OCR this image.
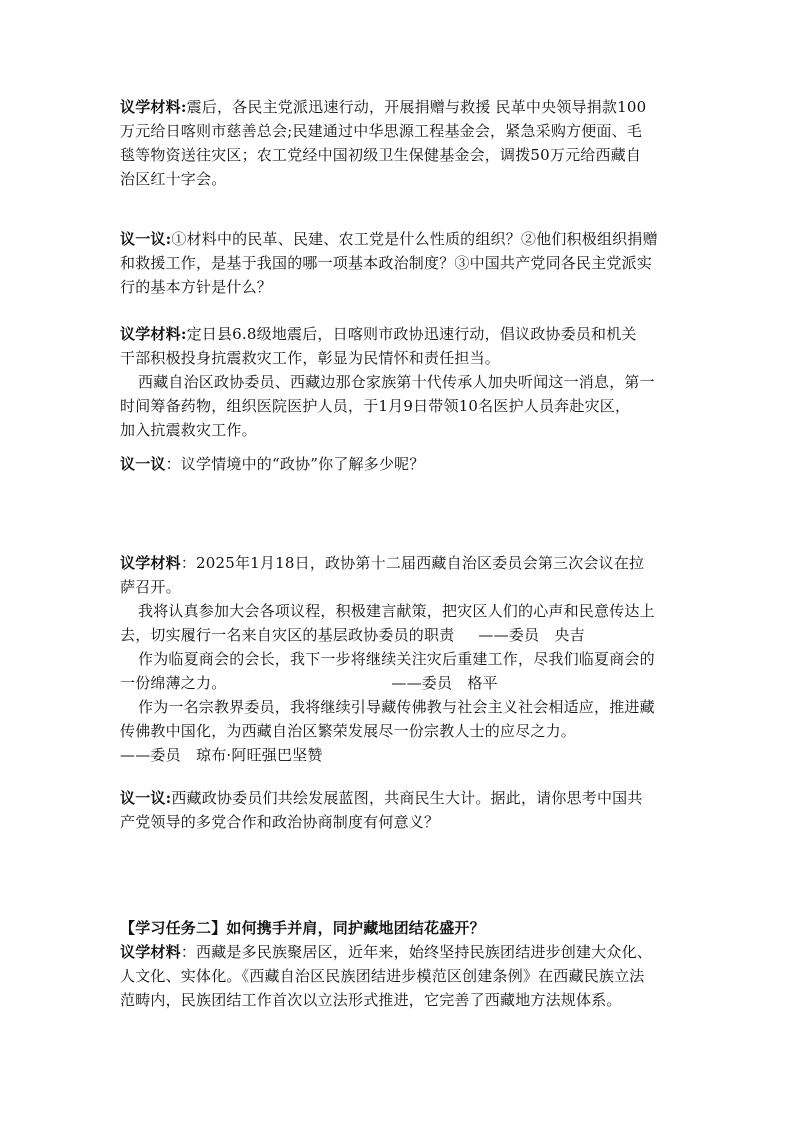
议学材料:震后，各民主党派迅速行动，开展捐赠与救援 民革中央领导捐款100
万元给日喀则市慈善总会;民建通过中华思源工程基金会，紧急采购方便面、毛
毯等物资送往灾区；农工党经中国初级卫生保健基金会，调拨50万元给西藏自
治区红十字会。
议一议:①材料中的民革、民建、农工党是什么性质的组织？②他们积极组织捐赠
和救援工作，是基于我国的哪一项基本政治制度？③中国共产党同各民主党派实
行的基本方针是什么？
议学材料:定日县6.8级地震后，日喀则市政协迅速行动，倡议政协委员和机关
干部积极投身抗震救灾工作，彰显为民情怀和责任担当。
西藏自治区政协委员、西藏边那仓家族第十代传承人加央听闻这一消息，第一
时间筹备药物，组织医院医护人员，于1月9日带领10名医护人员奔赴灾区，
加入抗震救灾工作。
议一议：议学情境中的“政协”你了解多少呢？
议学材料：2025年1月18日，政协第十二届西藏自治区委员会第三次会议在拉
萨召开。
我将认真参加大会各项议程，积极建言献策，把灾区人们的心声和民意传达上
去，切实履行一名来自灾区的基层政协委员的职责 ——委员　央吉
作为临夏商会的会长，我下一步将继续关注灾后重建工作，尽我们临夏商会的
一份绵薄之力。	——委员　格平
作为一名宗教界委员，我将继续引导藏传佛教与社会主义社会相适应，推进藏
传佛教中国化，为西藏自治区繁荣发展尽一份宗教人士的应尽之力。
——委员　琼布·阿旺强巴坚赞
议一议:西藏政协委员们共绘发展蓝图，共商民生大计。据此，请你思考中国共
产党领导的多党合作和政治协商制度有何意义？
【学习任务二】如何携手并肩，同护藏地团结花盛开？
议学材料：西藏是多民族聚居区，近年来，始终坚持民族团结进步创建大众化、
人文化、实体化。《西藏自治区民族团结进步模范区创建条例》在西藏民族立法
范畴内，民族团结工作首次以立法形式推进，它完善了西藏地方法规体系。
